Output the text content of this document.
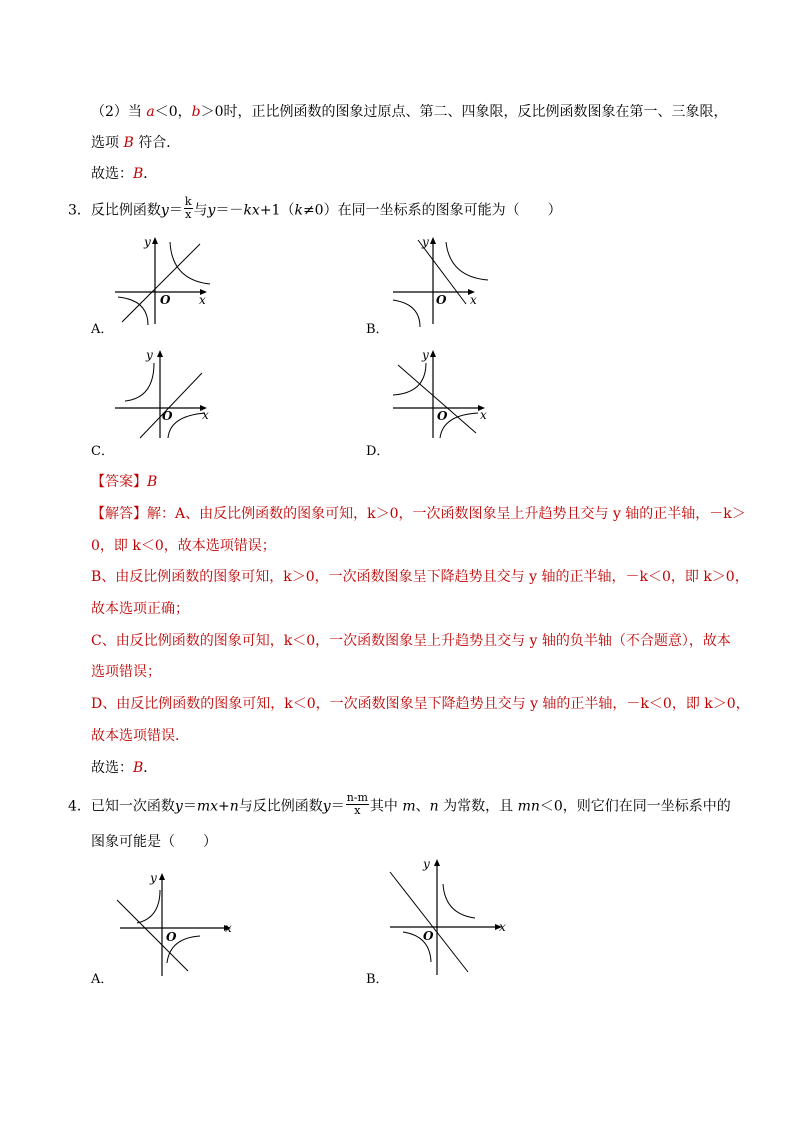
（2）当 a＜0，b＞0时，正比例函数的图象过原点、第二、四象限，反比例函数图象在第一、三象限，
选项 B 符合．
故选：B．
3．反比例函数$y= \frac{k}{x}$ 与y＝－kx+1（k≠0）在同一坐标系的图象可能为（　　）
y
x
O
A．
y
x
O
B．
y
x
O
C．
y
x
O
D．
【答案】B
【解答】解：A、由反比例函数的图象可知，k＞0，一次函数图象呈上升趋势且交与 y 轴的正半轴，－k＞
0，即 k＜0，故本选项错误；
B、由反比例函数的图象可知，k＞0，一次函数图象呈下降趋势且交与 y 轴的正半轴，－k＜0，即 k＞0，
故本选项正确；
C、由反比例函数的图象可知，k＜0，一次函数图象呈上升趋势且交与 y 轴的负半轴（不合题意），故本
选项错误；
D、由反比例函数的图象可知，k＜0，一次函数图象呈下降趋势且交与 y 轴的正半轴，－k＜0，即 k＞0，
故本选项错误．
故选：B．
4．已知一次函数y＝mx+n与反比例函数$y= \frac{n-m}{x}$ 其中 m、n 为常数，且 mn＜0，则它们在同一坐标系中的
图象可能是（　　）
y
x
O
A．
y
x
O
B．
